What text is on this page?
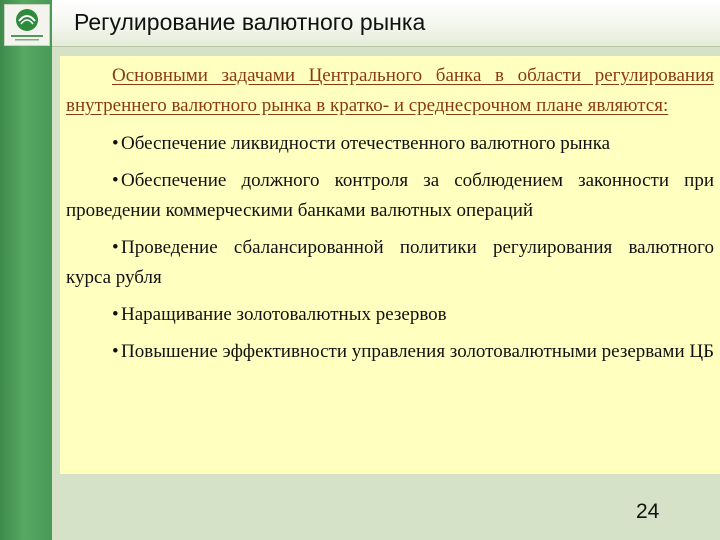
Регулирование валютного рынка

Основными задачами Центрального банка в области регулирования внутреннего валютного рынка в кратко- и среднесрочном плане являются:

• Обеспечение ликвидности отечественного валютного рынка

• Обеспечение должного контроля за соблюдением законности при проведении коммерческими банками валютных операций

• Проведение сбалансированной политики регулирования валютного курса рубля

• Наращивание золотовалютных резервов

• Повышение эффективности управления золотовалютными резервами ЦБ

24
